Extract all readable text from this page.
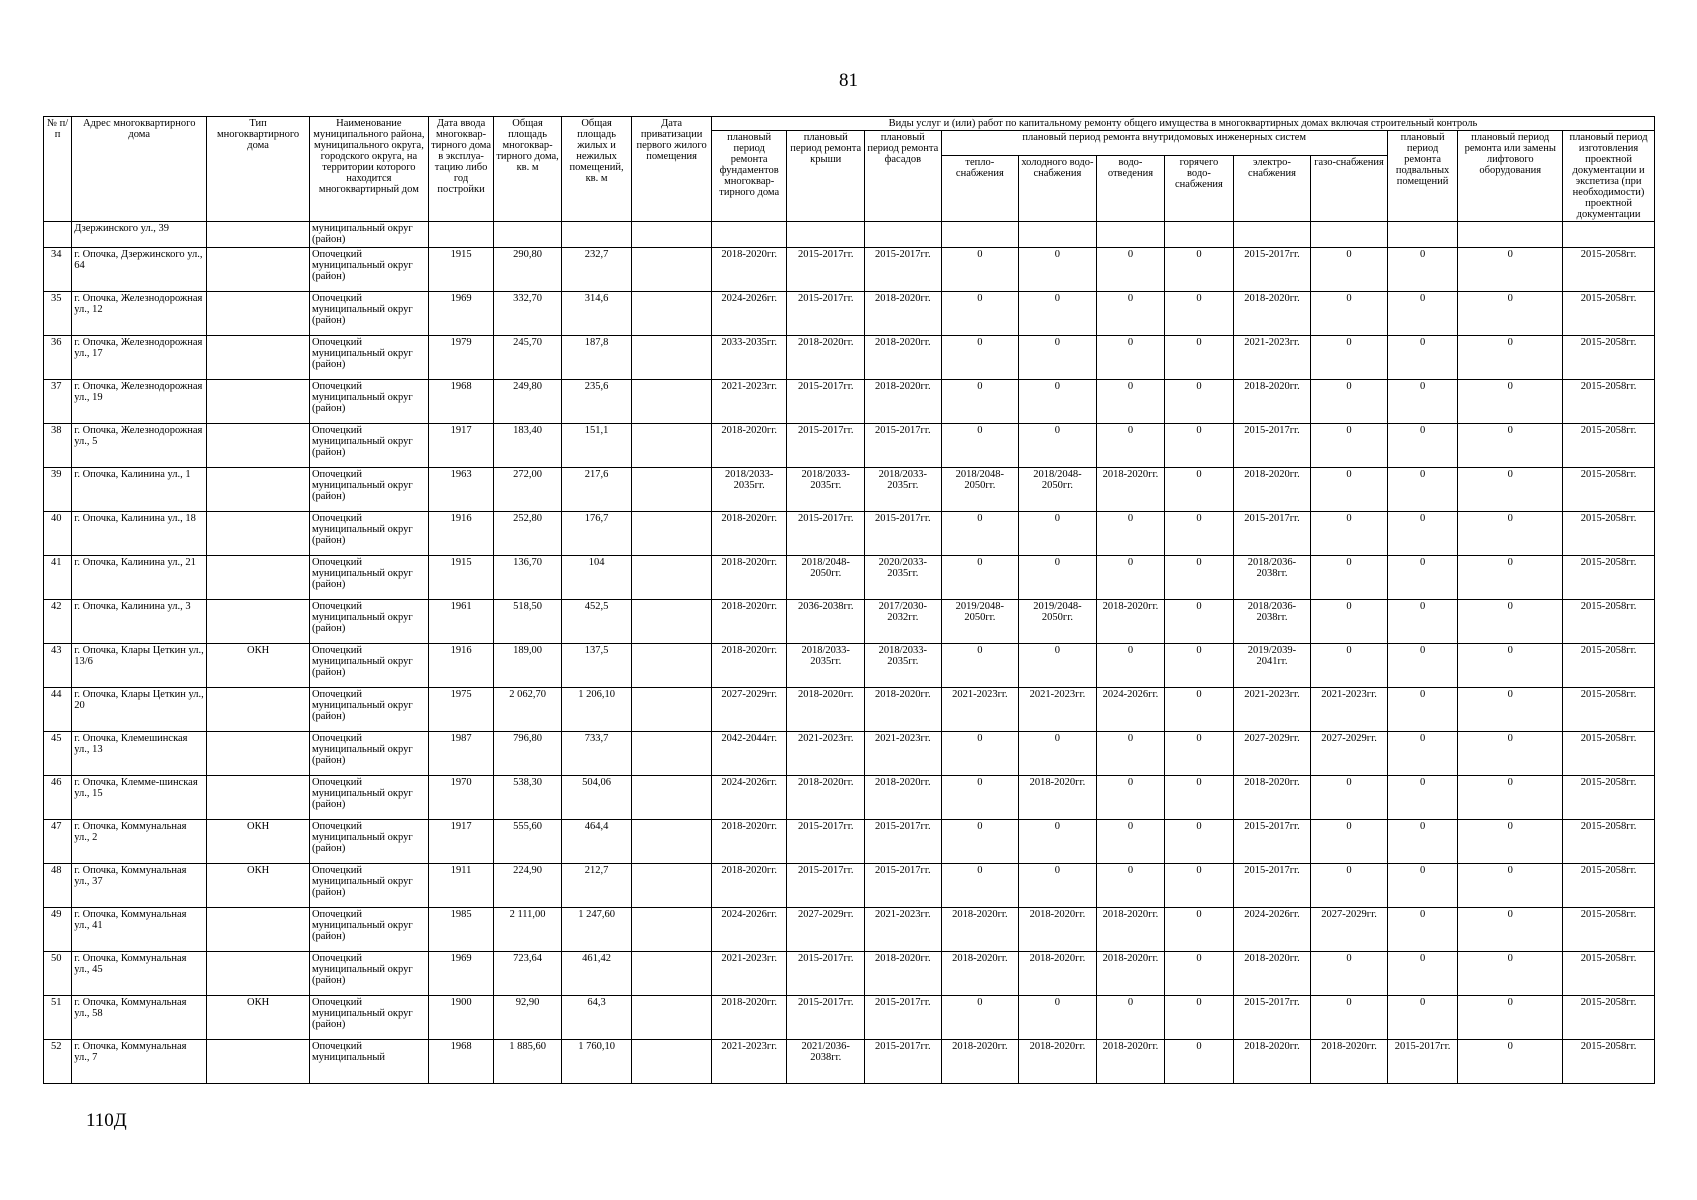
81
№ п/п	Адрес многоквартирного дома	Тип многоквартирного дома	Наименование муниципального района, муниципального округа, городского округа, на территории которого находится многоквартирный дом	Дата ввода многоквар-тирного дома в эксплуа-тацию либо год постройки	Общая площадь многоквар-тирного дома, кв. м	Общая площадь жилых и нежилых помещений, кв. м	Дата приватизации первого жилого помещения	Виды услуг и (или) работ по капитальному ремонту общего имущества в многоквартирных домах включая строительный контроль											
								плановый период ремонта фундаментов многоквар-тирного дома	плановый период ремонта крыши	плановый период ремонта фасадов	плановый период ремонта внутридомовых инженерных систем						плановый период ремонта подвальных помещений	плановый период ремонта или замены лифтового оборудования	плановый период изготовления проектной документации и экспетиза (при необходимости) проектной документации
											тепло-снабжения	холодного водо-снабжения	водо-отведения	горячего водо-снабжения	электро-снабжения	газо-снабжения			
	Дзержинского ул., 39		муниципальный округ (район)																
34	г. Опочка, Дзержинского ул., 64		Опочецкий муниципальный округ (район)	1915	290,80	232,7		2018-2020гг.	2015-2017гг.	2015-2017гг.	0	0	0	0	2015-2017гг.	0	0	0	2015-2058гг.
35	г. Опочка, Железнодорожная ул., 12		Опочецкий муниципальный округ (район)	1969	332,70	314,6		2024-2026гг.	2015-2017гг.	2018-2020гг.	0	0	0	0	2018-2020гг.	0	0	0	2015-2058гг.
36	г. Опочка, Железнодорожная ул., 17		Опочецкий муниципальный округ (район)	1979	245,70	187,8		2033-2035гг.	2018-2020гг.	2018-2020гг.	0	0	0	0	2021-2023гг.	0	0	0	2015-2058гг.
37	г. Опочка, Железнодорожная ул., 19		Опочецкий муниципальный округ (район)	1968	249,80	235,6		2021-2023гг.	2015-2017гг.	2018-2020гг.	0	0	0	0	2018-2020гг.	0	0	0	2015-2058гг.
38	г. Опочка, Железнодорожная ул., 5		Опочецкий муниципальный округ (район)	1917	183,40	151,1		2018-2020гг.	2015-2017гг.	2015-2017гг.	0	0	0	0	2015-2017гг.	0	0	0	2015-2058гг.
39	г. Опочка, Калинина ул., 1		Опочецкий муниципальный округ (район)	1963	272,00	217,6		2018/2033-2035гг.	2018/2033-2035гг.	2018/2033-2035гг.	2018/2048-2050гг.	2018/2048-2050гг.	2018-2020гг.	0	2018-2020гг.	0	0	0	2015-2058гг.
40	г. Опочка, Калинина ул., 18		Опочецкий муниципальный округ (район)	1916	252,80	176,7		2018-2020гг.	2015-2017гг.	2015-2017гг.	0	0	0	0	2015-2017гг.	0	0	0	2015-2058гг.
41	г. Опочка, Калинина ул., 21		Опочецкий муниципальный округ (район)	1915	136,70	104		2018-2020гг.	2018/2048-2050гг.	2020/2033-2035гг.	0	0	0	0	2018/2036-2038гг.	0	0	0	2015-2058гг.
42	г. Опочка, Калинина ул., 3		Опочецкий муниципальный округ (район)	1961	518,50	452,5		2018-2020гг.	2036-2038гг.	2017/2030-2032гг.	2019/2048-2050гг.	2019/2048-2050гг.	2018-2020гг.	0	2018/2036-2038гг.	0	0	0	2015-2058гг.
43	г. Опочка, Клары Цеткин ул., 13/6	ОКН	Опочецкий муниципальный округ (район)	1916	189,00	137,5		2018-2020гг.	2018/2033-2035гг.	2018/2033-2035гг.	0	0	0	0	2019/2039-2041гг.	0	0	0	2015-2058гг.
44	г. Опочка, Клары Цеткин ул., 20		Опочецкий муниципальный округ (район)	1975	2 062,70	1 206,10		2027-2029гг.	2018-2020гг.	2018-2020гг.	2021-2023гг.	2021-2023гг.	2024-2026гг.	0	2021-2023гг.	2021-2023гг.	0	0	2015-2058гг.
45	г. Опочка, Клемешинская ул., 13		Опочецкий муниципальный округ (район)	1987	796,80	733,7		2042-2044гг.	2021-2023гг.	2021-2023гг.	0	0	0	0	2027-2029гг.	2027-2029гг.	0	0	2015-2058гг.
46	г. Опочка, Клемме-шинская ул., 15		Опочецкий муниципальный округ (район)	1970	538,30	504,06		2024-2026гг.	2018-2020гг.	2018-2020гг.	0	2018-2020гг.	0	0	2018-2020гг.	0	0	0	2015-2058гг.
47	г. Опочка, Коммунальная ул., 2	ОКН	Опочецкий муниципальный округ (район)	1917	555,60	464,4		2018-2020гг.	2015-2017гг.	2015-2017гг.	0	0	0	0	2015-2017гг.	0	0	0	2015-2058гг.
48	г. Опочка, Коммунальная ул., 37	ОКН	Опочецкий муниципальный округ (район)	1911	224,90	212,7		2018-2020гг.	2015-2017гг.	2015-2017гг.	0	0	0	0	2015-2017гг.	0	0	0	2015-2058гг.
49	г. Опочка, Коммунальная ул., 41		Опочецкий муниципальный округ (район)	1985	2 111,00	1 247,60		2024-2026гг.	2027-2029гг.	2021-2023гг.	2018-2020гг.	2018-2020гг.	2018-2020гг.	0	2024-2026гг.	2027-2029гг.	0	0	2015-2058гг.
50	г. Опочка, Коммунальная ул., 45		Опочецкий муниципальный округ (район)	1969	723,64	461,42		2021-2023гг.	2015-2017гг.	2018-2020гг.	2018-2020гг.	2018-2020гг.	2018-2020гг.	0	2018-2020гг.	0	0	0	2015-2058гг.
51	г. Опочка, Коммунальная ул., 58	ОКН	Опочецкий муниципальный округ (район)	1900	92,90	64,3		2018-2020гг.	2015-2017гг.	2015-2017гг.	0	0	0	0	2015-2017гг.	0	0	0	2015-2058гг.
52	г. Опочка, Коммунальная ул., 7		Опочецкий муниципальный	1968	1 885,60	1 760,10		2021-2023гг.	2021/2036-2038гг.	2015-2017гг.	2018-2020гг.	2018-2020гг.	2018-2020гг.	0	2018-2020гг.	2018-2020гг.	2015-2017гг.	0	2015-2058гг.
110Д
